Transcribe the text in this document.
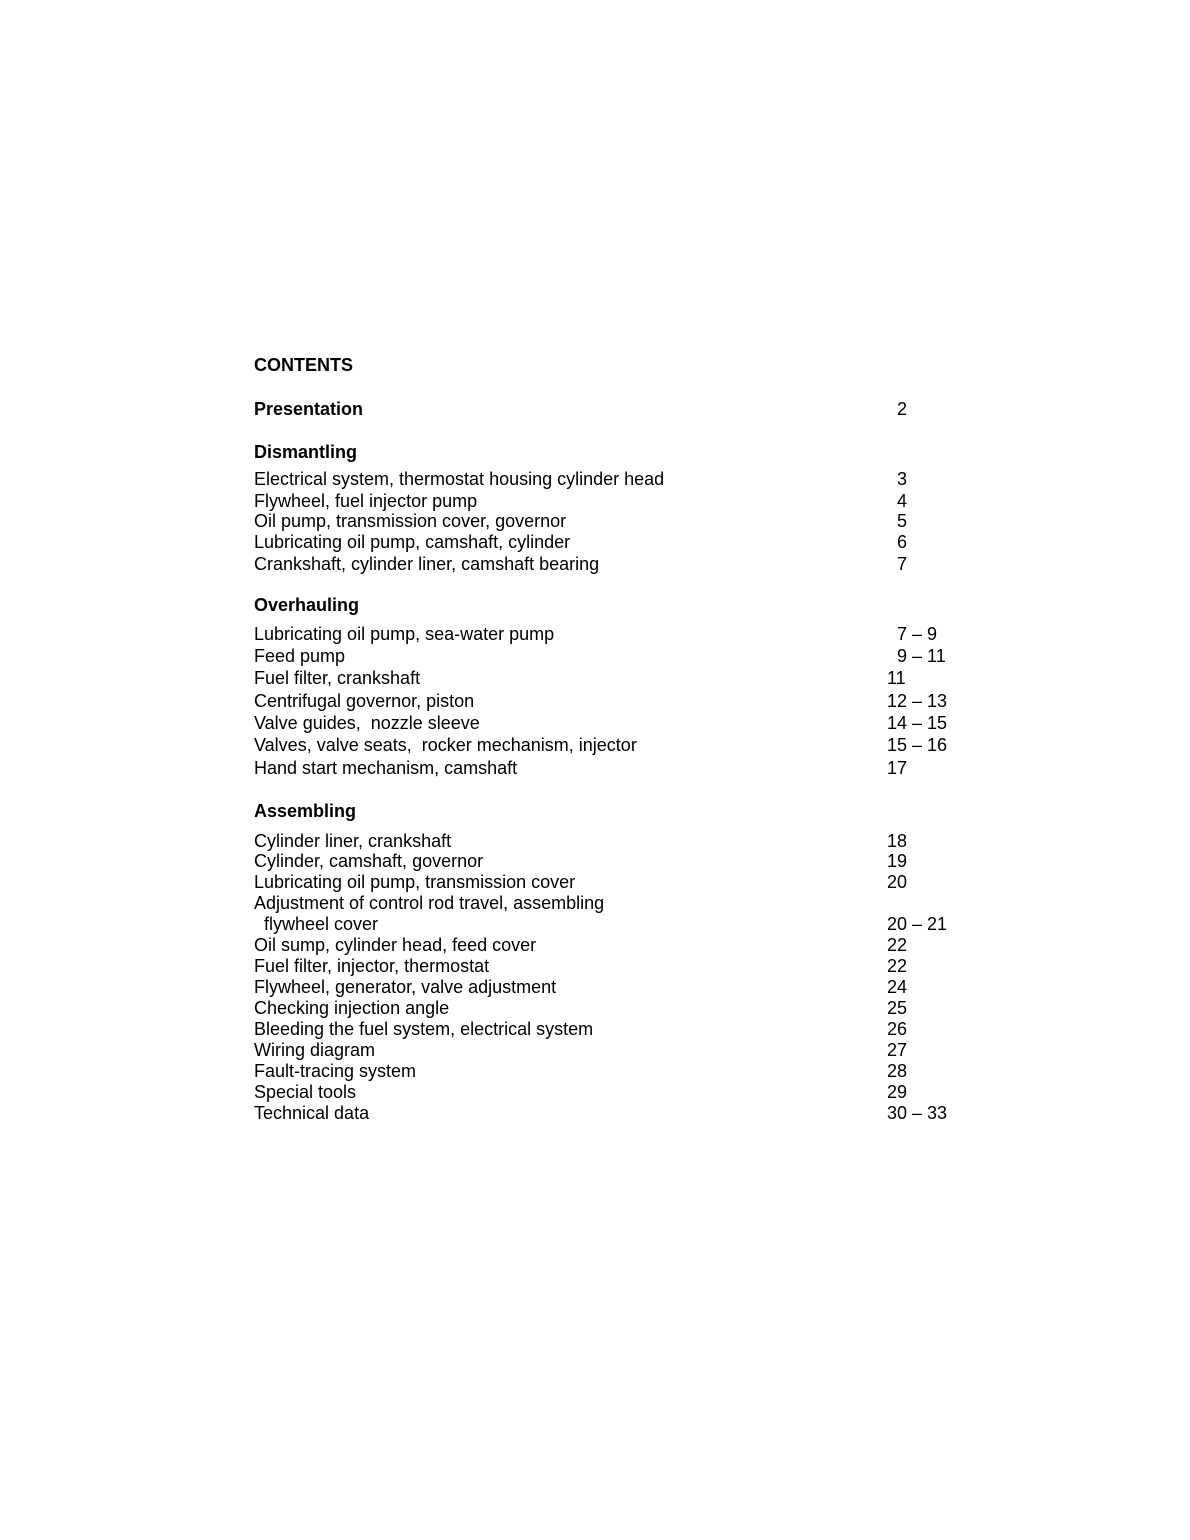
CONTENTS
Presentation	2
Dismantling
Electrical system, thermostat housing cylinder head	3
Flywheel, fuel injector pump	4
Oil pump, transmission cover, governor	5
Lubricating oil pump, camshaft, cylinder	6
Crankshaft, cylinder liner, camshaft bearing	7
Overhauling
Lubricating oil pump, sea-water pump	7 – 9
Feed pump	9 – 11
Fuel filter, crankshaft	11
Centrifugal governor, piston	12 – 13
Valve guides,  nozzle sleeve	14 – 15
Valves, valve seats,  rocker mechanism, injector	15 – 16
Hand start mechanism, camshaft	17
Assembling
Cylinder liner, crankshaft	18
Cylinder, camshaft, governor	19
Lubricating oil pump, transmission cover	20
Adjustment of control rod travel, assembling
flywheel cover	20 – 21
Oil sump, cylinder head, feed cover	22
Fuel filter, injector, thermostat	22
Flywheel, generator, valve adjustment	24
Checking injection angle	25
Bleeding the fuel system, electrical system	26
Wiring diagram	27
Fault-tracing system	28
Special tools	29
Technical data	30 – 33
